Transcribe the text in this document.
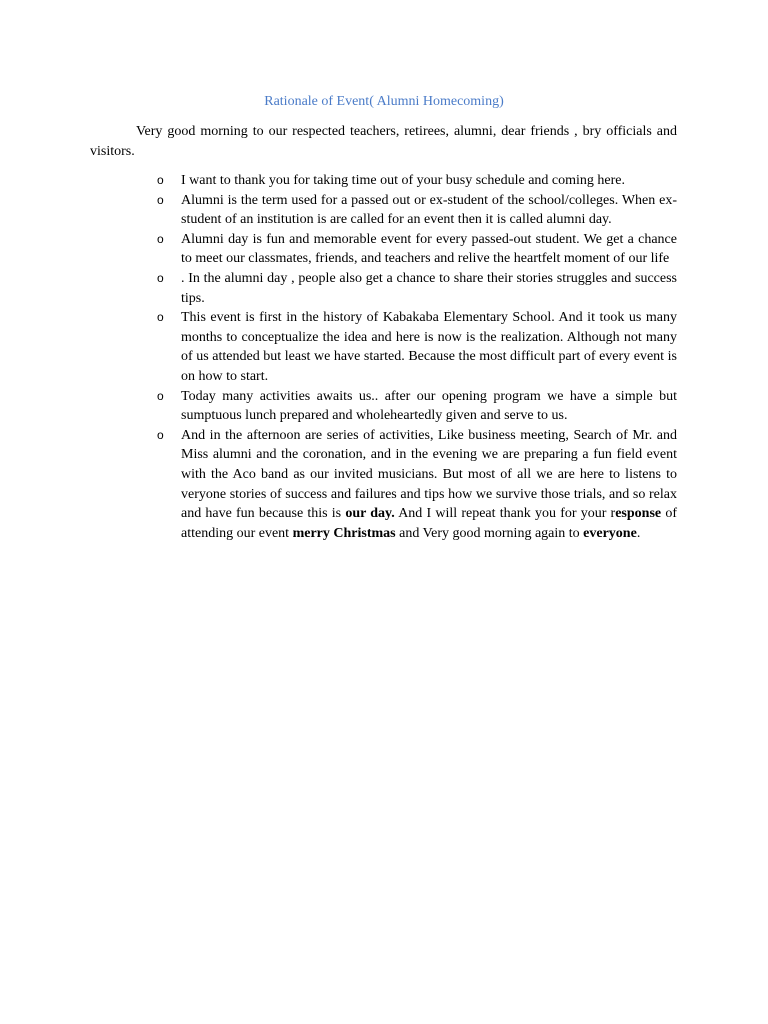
Rationale of Event( Alumni Homecoming)

Very good morning to our respected teachers, retirees, alumni, dear friends , bry officials and visitors.

o I want to thank you for taking time out of your busy schedule and coming here.
o Alumni is the term used for a passed out or ex-student of the school/colleges. When ex-student of an institution is are called for an event then it is called alumni day.
o Alumni day is fun and memorable event for every passed-out student. We get a chance to meet our classmates, friends, and teachers and relive the heartfelt moment of our life
o . In the alumni day , people also get a chance to share their stories struggles and success tips.
o This event is first in the history of Kabakaba Elementary School. And it took us many months to conceptualize the idea and here is now is the realization. Although not many of us attended but least we have started. Because the most difficult part of every event is on how to start.
o Today many activities awaits us.. after our opening program we have a simple but sumptuous lunch prepared and wholeheartedly given and serve to us.
o And in the afternoon are series of activities, Like business meeting, Search of Mr. and Miss alumni and the coronation, and in the evening we are preparing a fun field event with the Aco band as our invited musicians. But most of all we are here to listens to veryone stories of success and failures and tips how we survive those trials, and so relax and have fun because this is our day. And I will repeat thank you for your response of attending our event merry Christmas and Very good morning again to everyone.
